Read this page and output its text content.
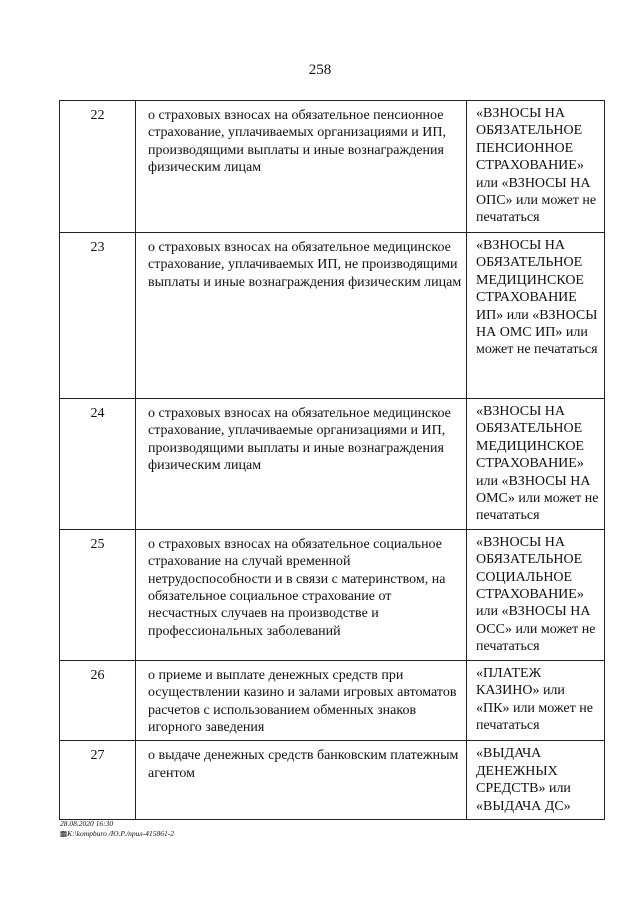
258
22	о страховых взносах на обязательное пенсионное страхование, уплачиваемых организациями и ИП, производящими выплаты и иные вознаграждения физическим лицам	«ВЗНОСЫ НА ОБЯЗАТЕЛЬНОЕ ПЕНСИОННОЕ СТРАХОВАНИЕ» или «ВЗНОСЫ НА ОПС» или может не печататься
23	о страховых взносах на обязательное медицинское страхование, уплачиваемых ИП, не производящими выплаты и иные вознаграждения физическим лицам	«ВЗНОСЫ НА ОБЯЗАТЕЛЬНОЕ МЕДИЦИНСКОЕ СТРАХОВАНИЕ ИП» или «ВЗНОСЫ НА ОМС ИП» или может не печататься
24	о страховых взносах на обязательное медицинское страхование, уплачиваемые организациями и ИП, производящими выплаты и иные вознаграждения физическим лицам	«ВЗНОСЫ НА ОБЯЗАТЕЛЬНОЕ МЕДИЦИНСКОЕ СТРАХОВАНИЕ» или «ВЗНОСЫ НА ОМС» или может не печататься
25	о страховых взносах на обязательное социальное страхование на случай временной нетрудоспособности и в связи с материнством, на обязательное социальное страхование от несчастных случаев на производстве и профессиональных заболеваний	«ВЗНОСЫ НА ОБЯЗАТЕЛЬНОЕ СОЦИАЛЬНОЕ СТРАХОВАНИЕ» или «ВЗНОСЫ НА ОСС» или может не печататься
26	о приеме и выплате денежных средств при осуществлении казино и залами игровых автоматов расчетов с использованием обменных знаков игорного заведения	«ПЛАТЕЖ КАЗИНО» или «ПК» или может не печататься
27	о выдаче денежных средств банковским платежным агентом	«ВЫДАЧА ДЕНЕЖНЫХ СРЕДСТВ» или «ВЫДАЧА ДС»
28.08.2020 16:30
▩K:\kompburo /Ю.Р./прил-415861-2
